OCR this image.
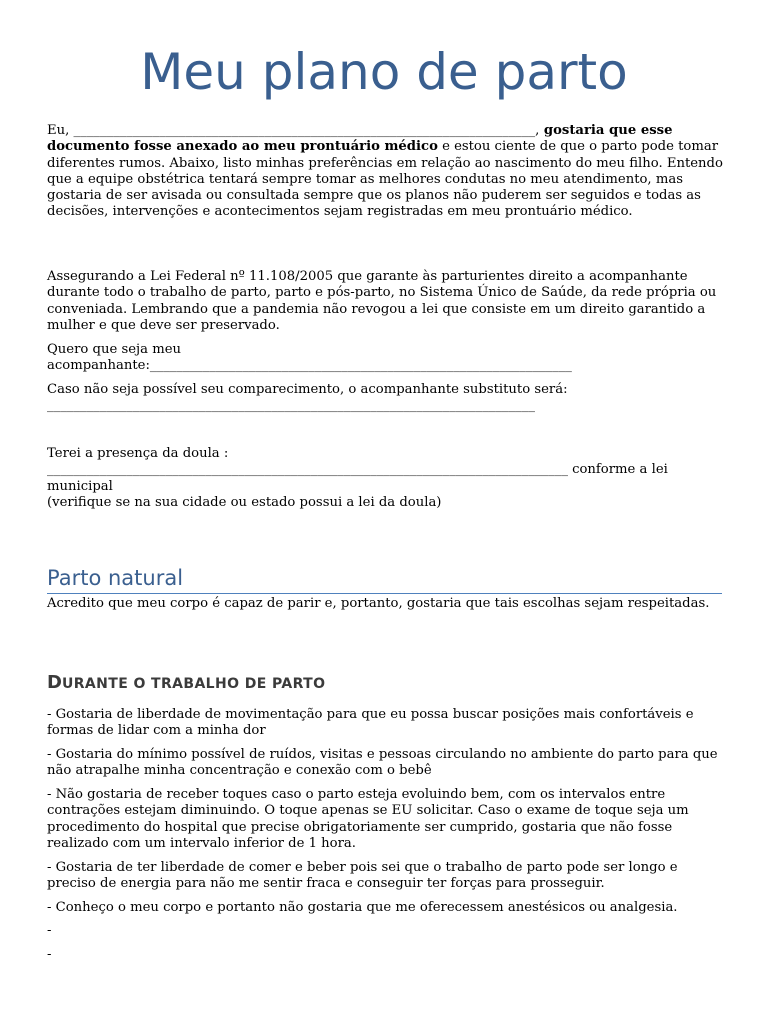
Meu plano de parto

Eu, ______________________________________________________________________, gostaria que esse documento fosse anexado ao meu prontuário médico e estou ciente de que o parto pode tomar diferentes rumos. Abaixo, listo minhas preferências em relação ao nascimento do meu filho. Entendo que a equipe obstétrica tentará sempre tomar as melhores condutas no meu atendimento, mas gostaria de ser avisada ou consultada sempre que os planos não puderem ser seguidos e todas as decisões, intervenções e acontecimentos sejam registradas em meu prontuário médico.

Assegurando a Lei Federal nº 11.108/2005 que garante às parturientes direito a acompanhante durante todo o trabalho de parto, parto e pós-parto, no Sistema Único de Saúde, da rede própria ou conveniada. Lembrando que a pandemia não revogou a lei que consiste em um direito garantido a mulher e que deve ser preservado.

Quero que seja meu
acompanhante:________________________________________________________________

Caso não seja possível seu comparecimento, o acompanhante substituto será:
__________________________________________________________________________

Terei a presença da doula :
_______________________________________________________________________________ conforme a lei municipal
(verifique se na sua cidade ou estado possui a lei da doula)

Parto natural

Acredito que meu corpo é capaz de parir e, portanto, gostaria que tais escolhas sejam respeitadas.

DURANTE O TRABALHO DE PARTO

- Gostaria de liberdade de movimentação para que eu possa buscar posições mais confortáveis e formas de lidar com a minha dor

- Gostaria do mínimo possível de ruídos, visitas e pessoas circulando no ambiente do parto para que não atrapalhe minha concentração e conexão com o bebê

- Não gostaria de receber toques caso o parto esteja evoluindo bem, com os intervalos entre contrações estejam diminuindo. O toque apenas se EU solicitar. Caso o exame de toque seja um procedimento do hospital que precise obrigatoriamente ser cumprido, gostaria que não fosse realizado com um intervalo inferior de 1 hora.

- Gostaria de ter liberdade de comer e beber pois sei que o trabalho de parto pode ser longo e preciso de energia para não me sentir fraca e conseguir ter forças para prosseguir.

- Conheço o meu corpo e portanto não gostaria que me oferecessem anestésicos ou analgesia.

-

-
